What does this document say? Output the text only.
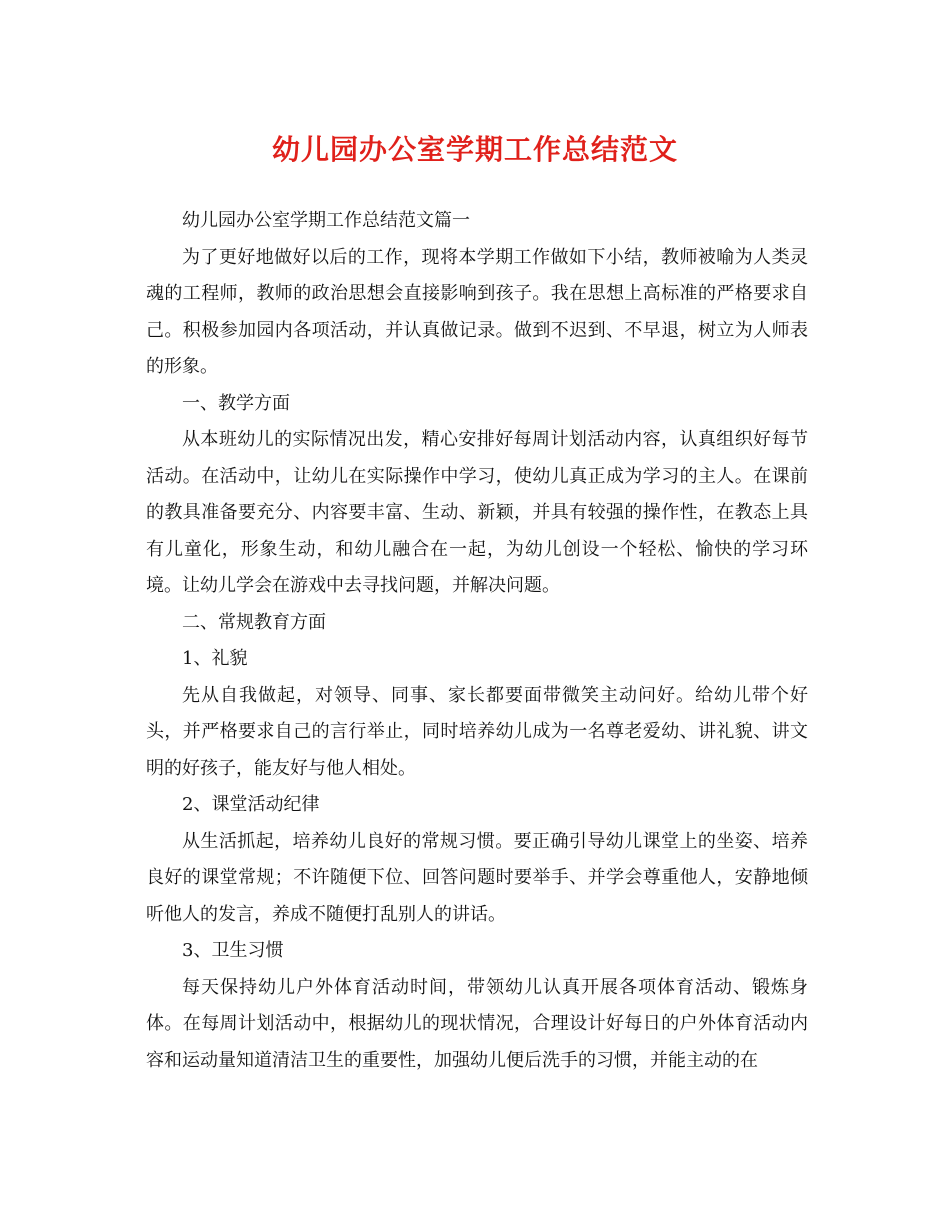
幼儿园办公室学期工作总结范文

幼儿园办公室学期工作总结范文篇一

为了更好地做好以后的工作，现将本学期工作做如下小结，教师被喻为人类灵魂的工程师，教师的政治思想会直接影响到孩子。我在思想上高标准的严格要求自己。积极参加园内各项活动，并认真做记录。做到不迟到、不早退，树立为人师表的形象。

一、教学方面

从本班幼儿的实际情况出发，精心安排好每周计划活动内容，认真组织好每节活动。在活动中，让幼儿在实际操作中学习，使幼儿真正成为学习的主人。在课前的教具准备要充分、内容要丰富、生动、新颖，并具有较强的操作性，在教态上具有儿童化，形象生动，和幼儿融合在一起，为幼儿创设一个轻松、愉快的学习环境。让幼儿学会在游戏中去寻找问题，并解决问题。

二、常规教育方面

1、礼貌

先从自我做起，对领导、同事、家长都要面带微笑主动问好。给幼儿带个好头，并严格要求自己的言行举止，同时培养幼儿成为一名尊老爱幼、讲礼貌、讲文明的好孩子，能友好与他人相处。

2、课堂活动纪律

从生活抓起，培养幼儿良好的常规习惯。要正确引导幼儿课堂上的坐姿、培养良好的课堂常规；不许随便下位、回答问题时要举手、并学会尊重他人，安静地倾听他人的发言，养成不随便打乱别人的讲话。

3、卫生习惯

每天保持幼儿户外体育活动时间，带领幼儿认真开展各项体育活动、锻炼身体。在每周计划活动中，根据幼儿的现状情况，合理设计好每日的户外体育活动内容和运动量知道清洁卫生的重要性，加强幼儿便后洗手的习惯，并能主动的在
